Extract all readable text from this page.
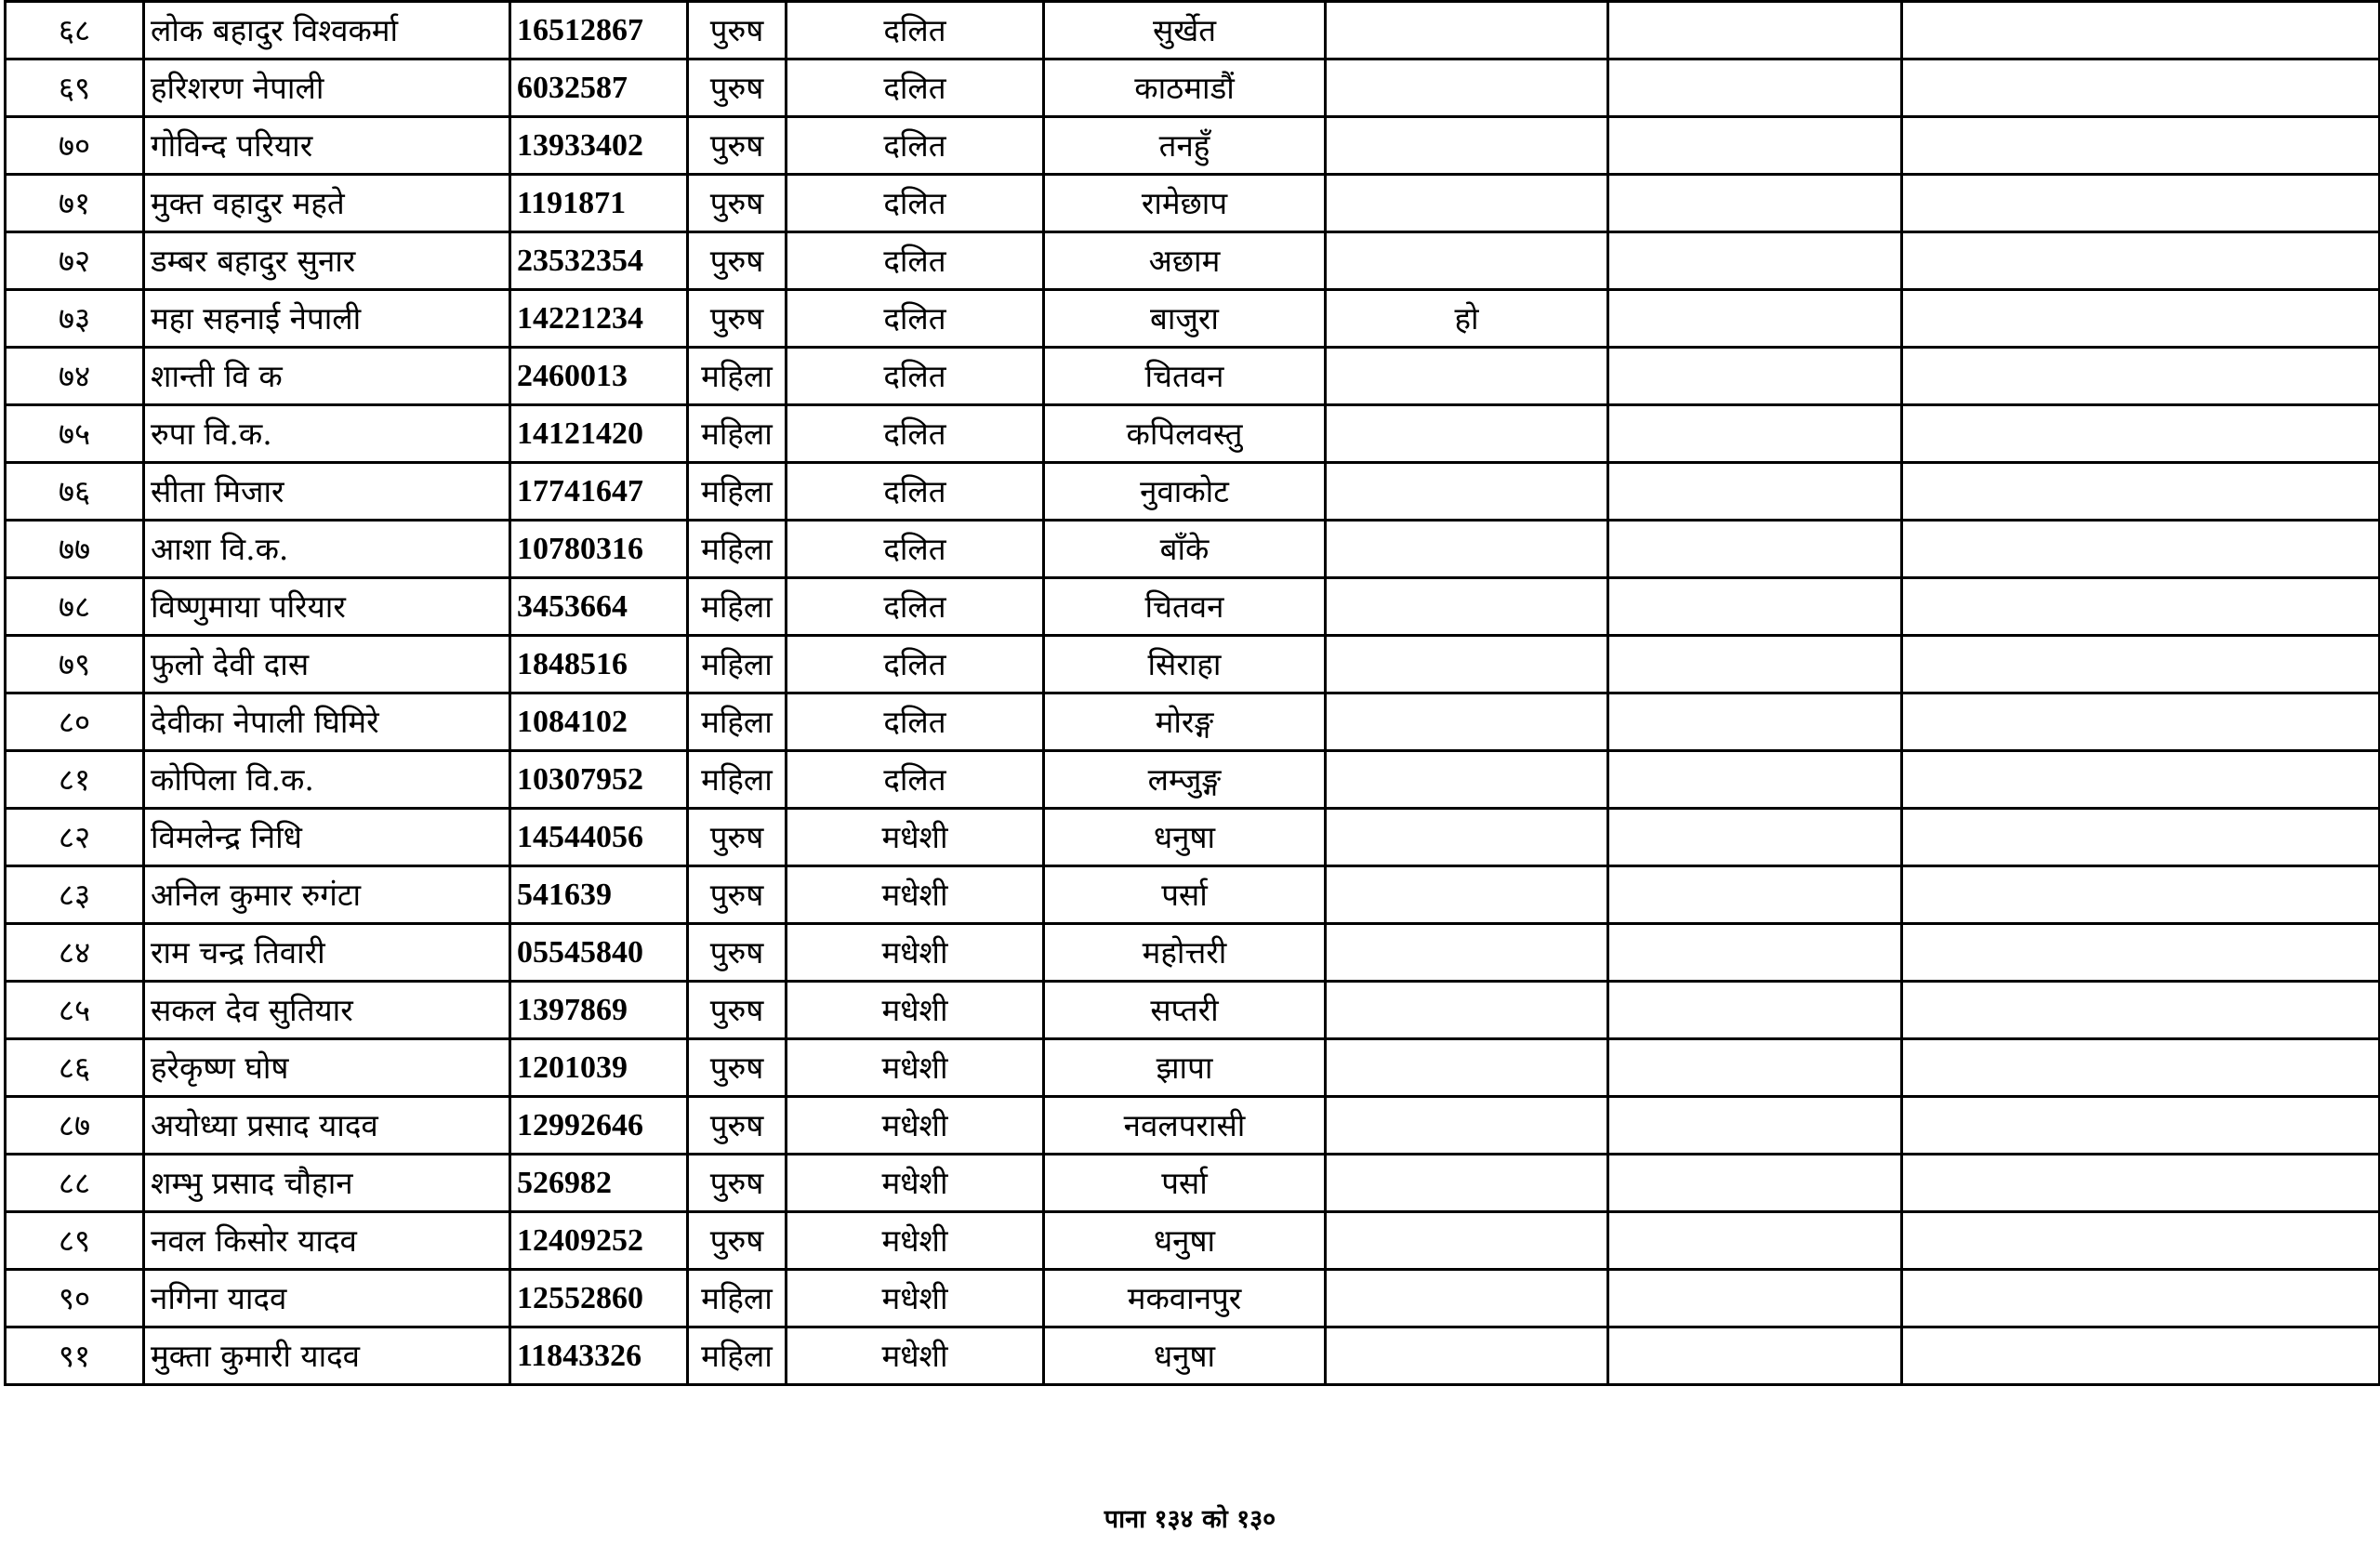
६८	लोक बहादुर विश्वकर्मा	16512867	पुरुष	दलित	सुर्खेत			
६९	हरिशरण नेपाली	6032587	पुरुष	दलित	काठमाडौं			
७०	गोविन्द परियार	13933402	पुरुष	दलित	तनहुँ			
७१	मुक्त वहादुर महते	1191871	पुरुष	दलित	रामेछाप			
७२	डम्बर बहादुर सुनार	23532354	पुरुष	दलित	अछाम			
७३	महा सहनाई नेपाली	14221234	पुरुष	दलित	बाजुरा	हो		
७४	शान्ती वि क	2460013	महिला	दलित	चितवन			
७५	रुपा वि.क.	14121420	महिला	दलित	कपिलवस्तु			
७६	सीता मिजार	17741647	महिला	दलित	नुवाकोट			
७७	आशा वि.क.	10780316	महिला	दलित	बाँके			
७८	विष्णुमाया परियार	3453664	महिला	दलित	चितवन			
७९	फुलो देवी दास	1848516	महिला	दलित	सिराहा			
८०	देवीका नेपाली घिमिरे	1084102	महिला	दलित	मोरङ्ग			
८१	कोपिला वि.क.	10307952	महिला	दलित	लम्जुङ्ग			
८२	विमलेन्द्र निधि	14544056	पुरुष	मधेशी	धनुषा			
८३	अनिल कुमार रुगंटा	541639	पुरुष	मधेशी	पर्सा			
८४	राम चन्द्र तिवारी	05545840	पुरुष	मधेशी	महोत्तरी			
८५	सकल देव सुतियार	1397869	पुरुष	मधेशी	सप्तरी			
८६	हरेकृष्ण घोष	1201039	पुरुष	मधेशी	झापा			
८७	अयोध्या प्रसाद यादव	12992646	पुरुष	मधेशी	नवलपरासी			
८८	शम्भु प्रसाद चौहान	526982	पुरुष	मधेशी	पर्सा			
८९	नवल किसोर यादव	12409252	पुरुष	मधेशी	धनुषा			
९०	नगिना यादव	12552860	महिला	मधेशी	मकवानपुर			
९१	मुक्ता कुमारी यादव	11843326	महिला	मधेशी	धनुषा			
पाना १३४ को १३०
